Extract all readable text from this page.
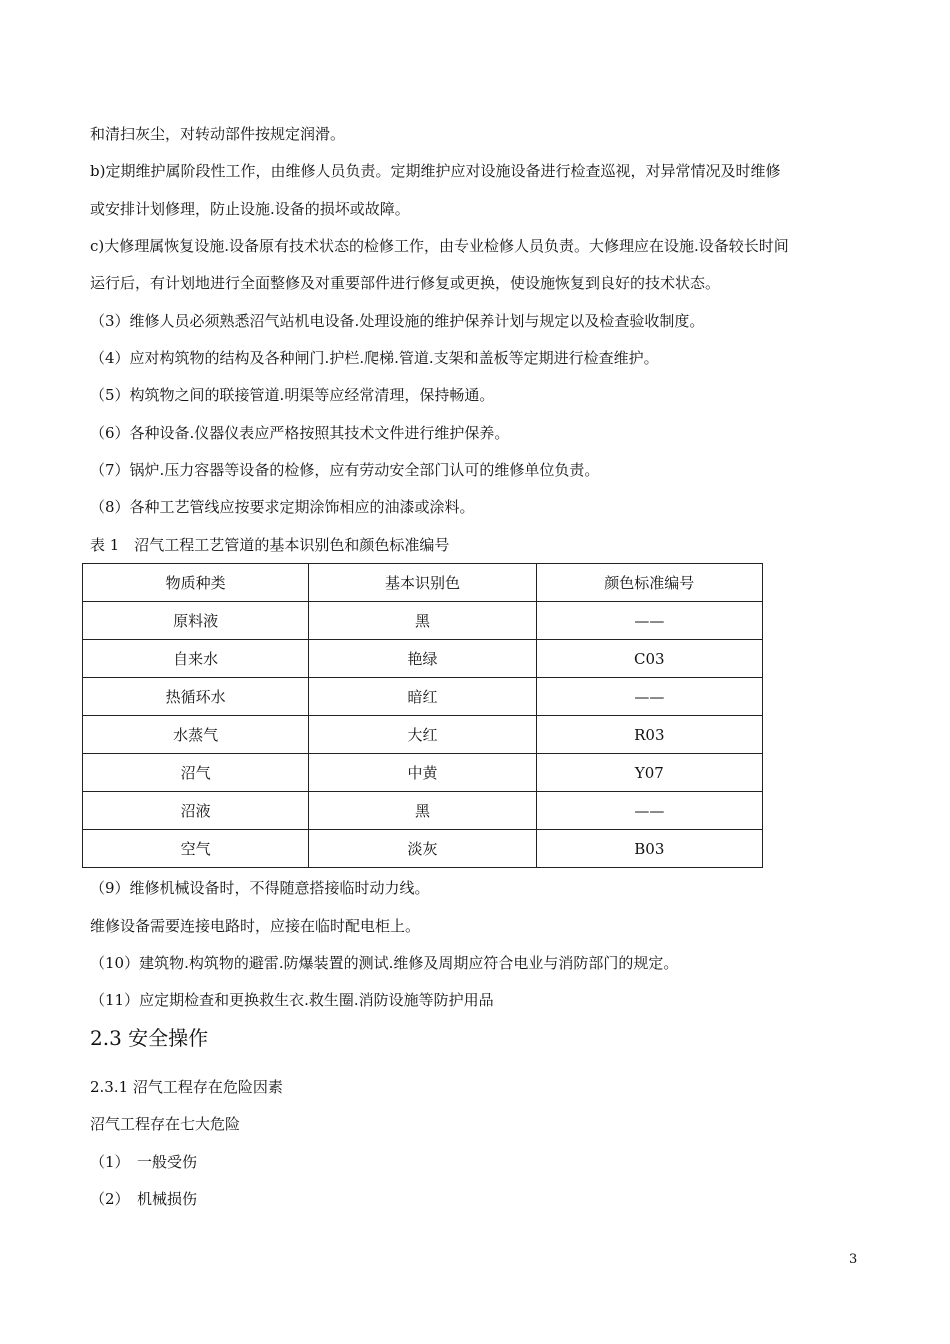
和清扫灰尘，对转动部件按规定润滑。
b)定期维护属阶段性工作，由维修人员负责。定期维护应对设施设备进行检查巡视，对异常情况及时维修
或安排计划修理，防止设施.设备的损坏或故障。
c)大修理属恢复设施.设备原有技术状态的检修工作，由专业检修人员负责。大修理应在设施.设备较长时间
运行后，有计划地进行全面整修及对重要部件进行修复或更换，使设施恢复到良好的技术状态。
（3）维修人员必须熟悉沼气站机电设备.处理设施的维护保养计划与规定以及检查验收制度。
（4）应对构筑物的结构及各种闸门.护栏.爬梯.管道.支架和盖板等定期进行检查维护。
（5）构筑物之间的联接管道.明渠等应经常清理，保持畅通。
（6）各种设备.仪器仪表应严格按照其技术文件进行维护保养。
（7）锅炉.压力容器等设备的检修，应有劳动安全部门认可的维修单位负责。
（8）各种工艺管线应按要求定期涂饰相应的油漆或涂料。
表 1　沼气工程工艺管道的基本识别色和颜色标准编号
物质种类	基本识别色	颜色标准编号
原料液	黑	——
自来水	艳绿	C03
热循环水	暗红	——
水蒸气	大红	R03
沼气	中黄	Y07
沼液	黑	——
空气	淡灰	B03
（9）维修机械设备时，不得随意搭接临时动力线。
维修设备需要连接电路时，应接在临时配电柜上。
（10）建筑物.构筑物的避雷.防爆装置的测试.维修及周期应符合电业与消防部门的规定。
（11）应定期检查和更换救生衣.救生圈.消防设施等防护用品
2.3 安全操作
2.3.1 沼气工程存在危险因素
沼气工程存在七大危险
（1）　一般受伤
（2）　机械损伤
3
